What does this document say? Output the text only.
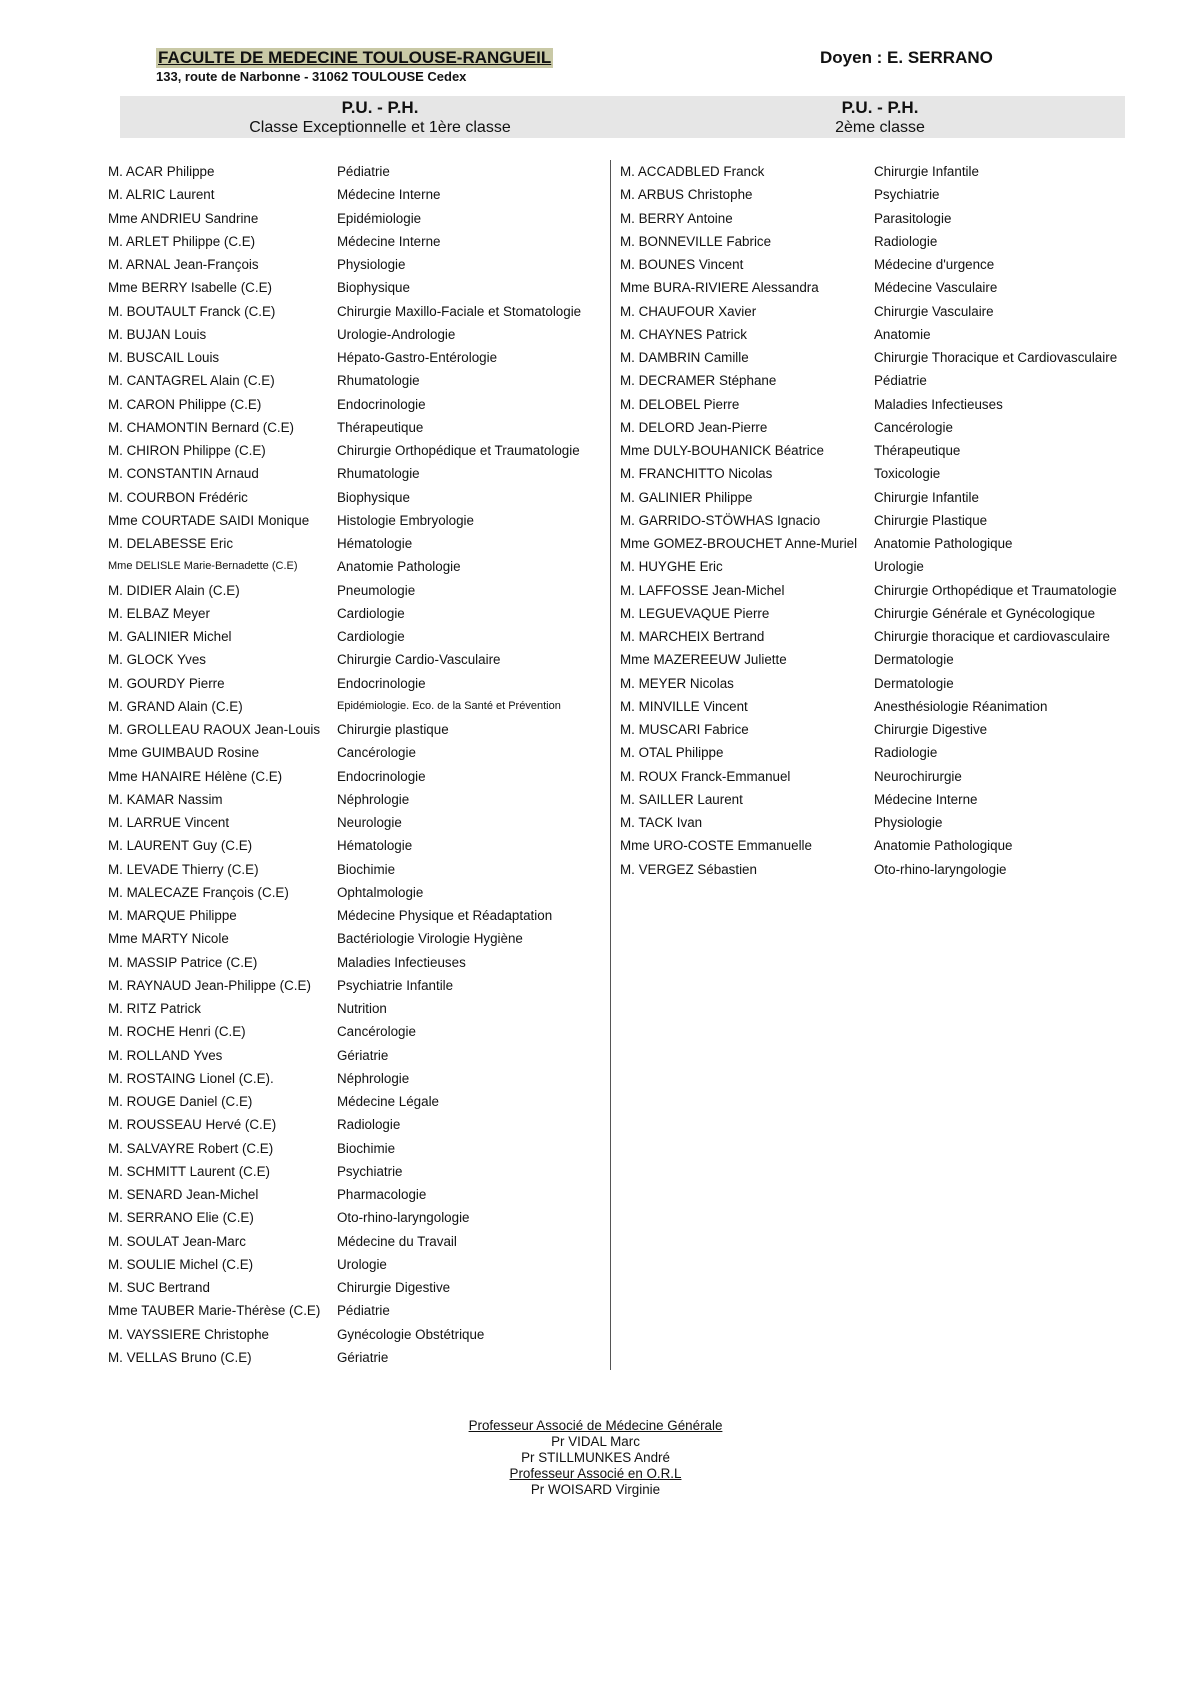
FACULTE DE MEDECINE TOULOUSE-RANGUEIL
133, route de Narbonne - 31062 TOULOUSE Cedex
Doyen : E. SERRANO
P.U. - P.H.
Classe Exceptionnelle et 1ère classe
P.U. - P.H.
2ème classe
M. ACAR Philippe	Pédiatrie
M. ALRIC Laurent	Médecine Interne
Mme ANDRIEU Sandrine	Epidémiologie
M. ARLET Philippe (C.E)	Médecine Interne
M. ARNAL Jean-François	Physiologie
Mme BERRY Isabelle (C.E)	Biophysique
M. BOUTAULT Franck (C.E)	Chirurgie Maxillo-Faciale et Stomatologie
M. BUJAN Louis	Urologie-Andrologie
M. BUSCAIL Louis	Hépato-Gastro-Entérologie
M. CANTAGREL Alain (C.E)	Rhumatologie
M. CARON Philippe (C.E)	Endocrinologie
M. CHAMONTIN Bernard (C.E)	Thérapeutique
M. CHIRON Philippe (C.E)	Chirurgie Orthopédique et Traumatologie
M. CONSTANTIN Arnaud	Rhumatologie
M. COURBON Frédéric	Biophysique
Mme COURTADE SAIDI Monique Histologie Embryologie
M. DELABESSE Eric	Hématologie
Mme DELISLE Marie-Bernadette (C.E)	Anatomie Pathologie
M. DIDIER Alain (C.E)	Pneumologie
M. ELBAZ Meyer	Cardiologie
M. GALINIER Michel	Cardiologie
M. GLOCK Yves	Chirurgie Cardio-Vasculaire
M. GOURDY Pierre	Endocrinologie
M. GRAND Alain (C.E)	Epidémiologie. Eco. de la Santé et Prévention
M. GROLLEAU RAOUX Jean-Louis Chirurgie plastique
Mme GUIMBAUD Rosine	Cancérologie
Mme HANAIRE Hélène (C.E)	Endocrinologie
M. KAMAR Nassim	Néphrologie
M. LARRUE Vincent	Neurologie
M. LAURENT Guy (C.E)	Hématologie
M. LEVADE Thierry (C.E)	Biochimie
M. MALECAZE François (C.E)	Ophtalmologie
M. MARQUE Philippe	Médecine Physique et Réadaptation
Mme MARTY Nicole	Bactériologie Virologie Hygiène
M. MASSIP Patrice (C.E)	Maladies Infectieuses
M. RAYNAUD Jean-Philippe (C.E) Psychiatrie Infantile
M. RITZ Patrick	Nutrition
M. ROCHE Henri (C.E)	Cancérologie
M. ROLLAND Yves	Gériatrie
M. ROSTAING Lionel (C.E).	Néphrologie
M. ROUGE Daniel (C.E)	Médecine Légale
M. ROUSSEAU Hervé (C.E)	Radiologie
M. SALVAYRE Robert (C.E)	Biochimie
M. SCHMITT Laurent (C.E)	Psychiatrie
M. SENARD Jean-Michel	Pharmacologie
M. SERRANO Elie (C.E)	Oto-rhino-laryngologie
M. SOULAT Jean-Marc	Médecine du Travail
M. SOULIE Michel (C.E)	Urologie
M. SUC Bertrand	Chirurgie Digestive
Mme TAUBER Marie-Thérèse (C.E) Pédiatrie
M. VAYSSIERE Christophe	Gynécologie Obstétrique
M. VELLAS Bruno (C.E)	Gériatrie
M. ACCADBLED Franck	Chirurgie Infantile
M. ARBUS Christophe	Psychiatrie
M. BERRY Antoine	Parasitologie
M. BONNEVILLE Fabrice	Radiologie
M. BOUNES Vincent	Médecine d'urgence
Mme BURA-RIVIERE Alessandra	Médecine Vasculaire
M. CHAUFOUR Xavier	Chirurgie Vasculaire
M. CHAYNES Patrick	Anatomie
M. DAMBRIN Camille	Chirurgie Thoracique et Cardiovasculaire
M. DECRAMER Stéphane	Pédiatrie
M. DELOBEL Pierre	Maladies Infectieuses
M. DELORD Jean-Pierre	Cancérologie
Mme DULY-BOUHANICK Béatrice	Thérapeutique
M. FRANCHITTO Nicolas	Toxicologie
M. GALINIER Philippe	Chirurgie Infantile
M. GARRIDO-STÖWHAS Ignacio	Chirurgie Plastique
Mme GOMEZ-BROUCHET Anne-Muriel Anatomie Pathologique
M. HUYGHE Eric	Urologie
M. LAFFOSSE Jean-Michel	Chirurgie Orthopédique et Traumatologie
M. LEGUEVAQUE Pierre	Chirurgie Générale et Gynécologique
M. MARCHEIX Bertrand	Chirurgie thoracique et cardiovasculaire
Mme MAZEREEUW Juliette	Dermatologie
M. MEYER Nicolas	Dermatologie
M. MINVILLE Vincent	Anesthésiologie Réanimation
M. MUSCARI Fabrice	Chirurgie Digestive
M. OTAL Philippe	Radiologie
M. ROUX Franck-Emmanuel	Neurochirurgie
M. SAILLER Laurent	Médecine Interne
M. TACK Ivan	Physiologie
Mme URO-COSTE Emmanuelle	Anatomie Pathologique
M. VERGEZ Sébastien	Oto-rhino-laryngologie
Professeur Associé de Médecine Générale
Pr VIDAL Marc
Pr STILLMUNKES André
Professeur Associé en O.R.L
Pr WOISARD Virginie
